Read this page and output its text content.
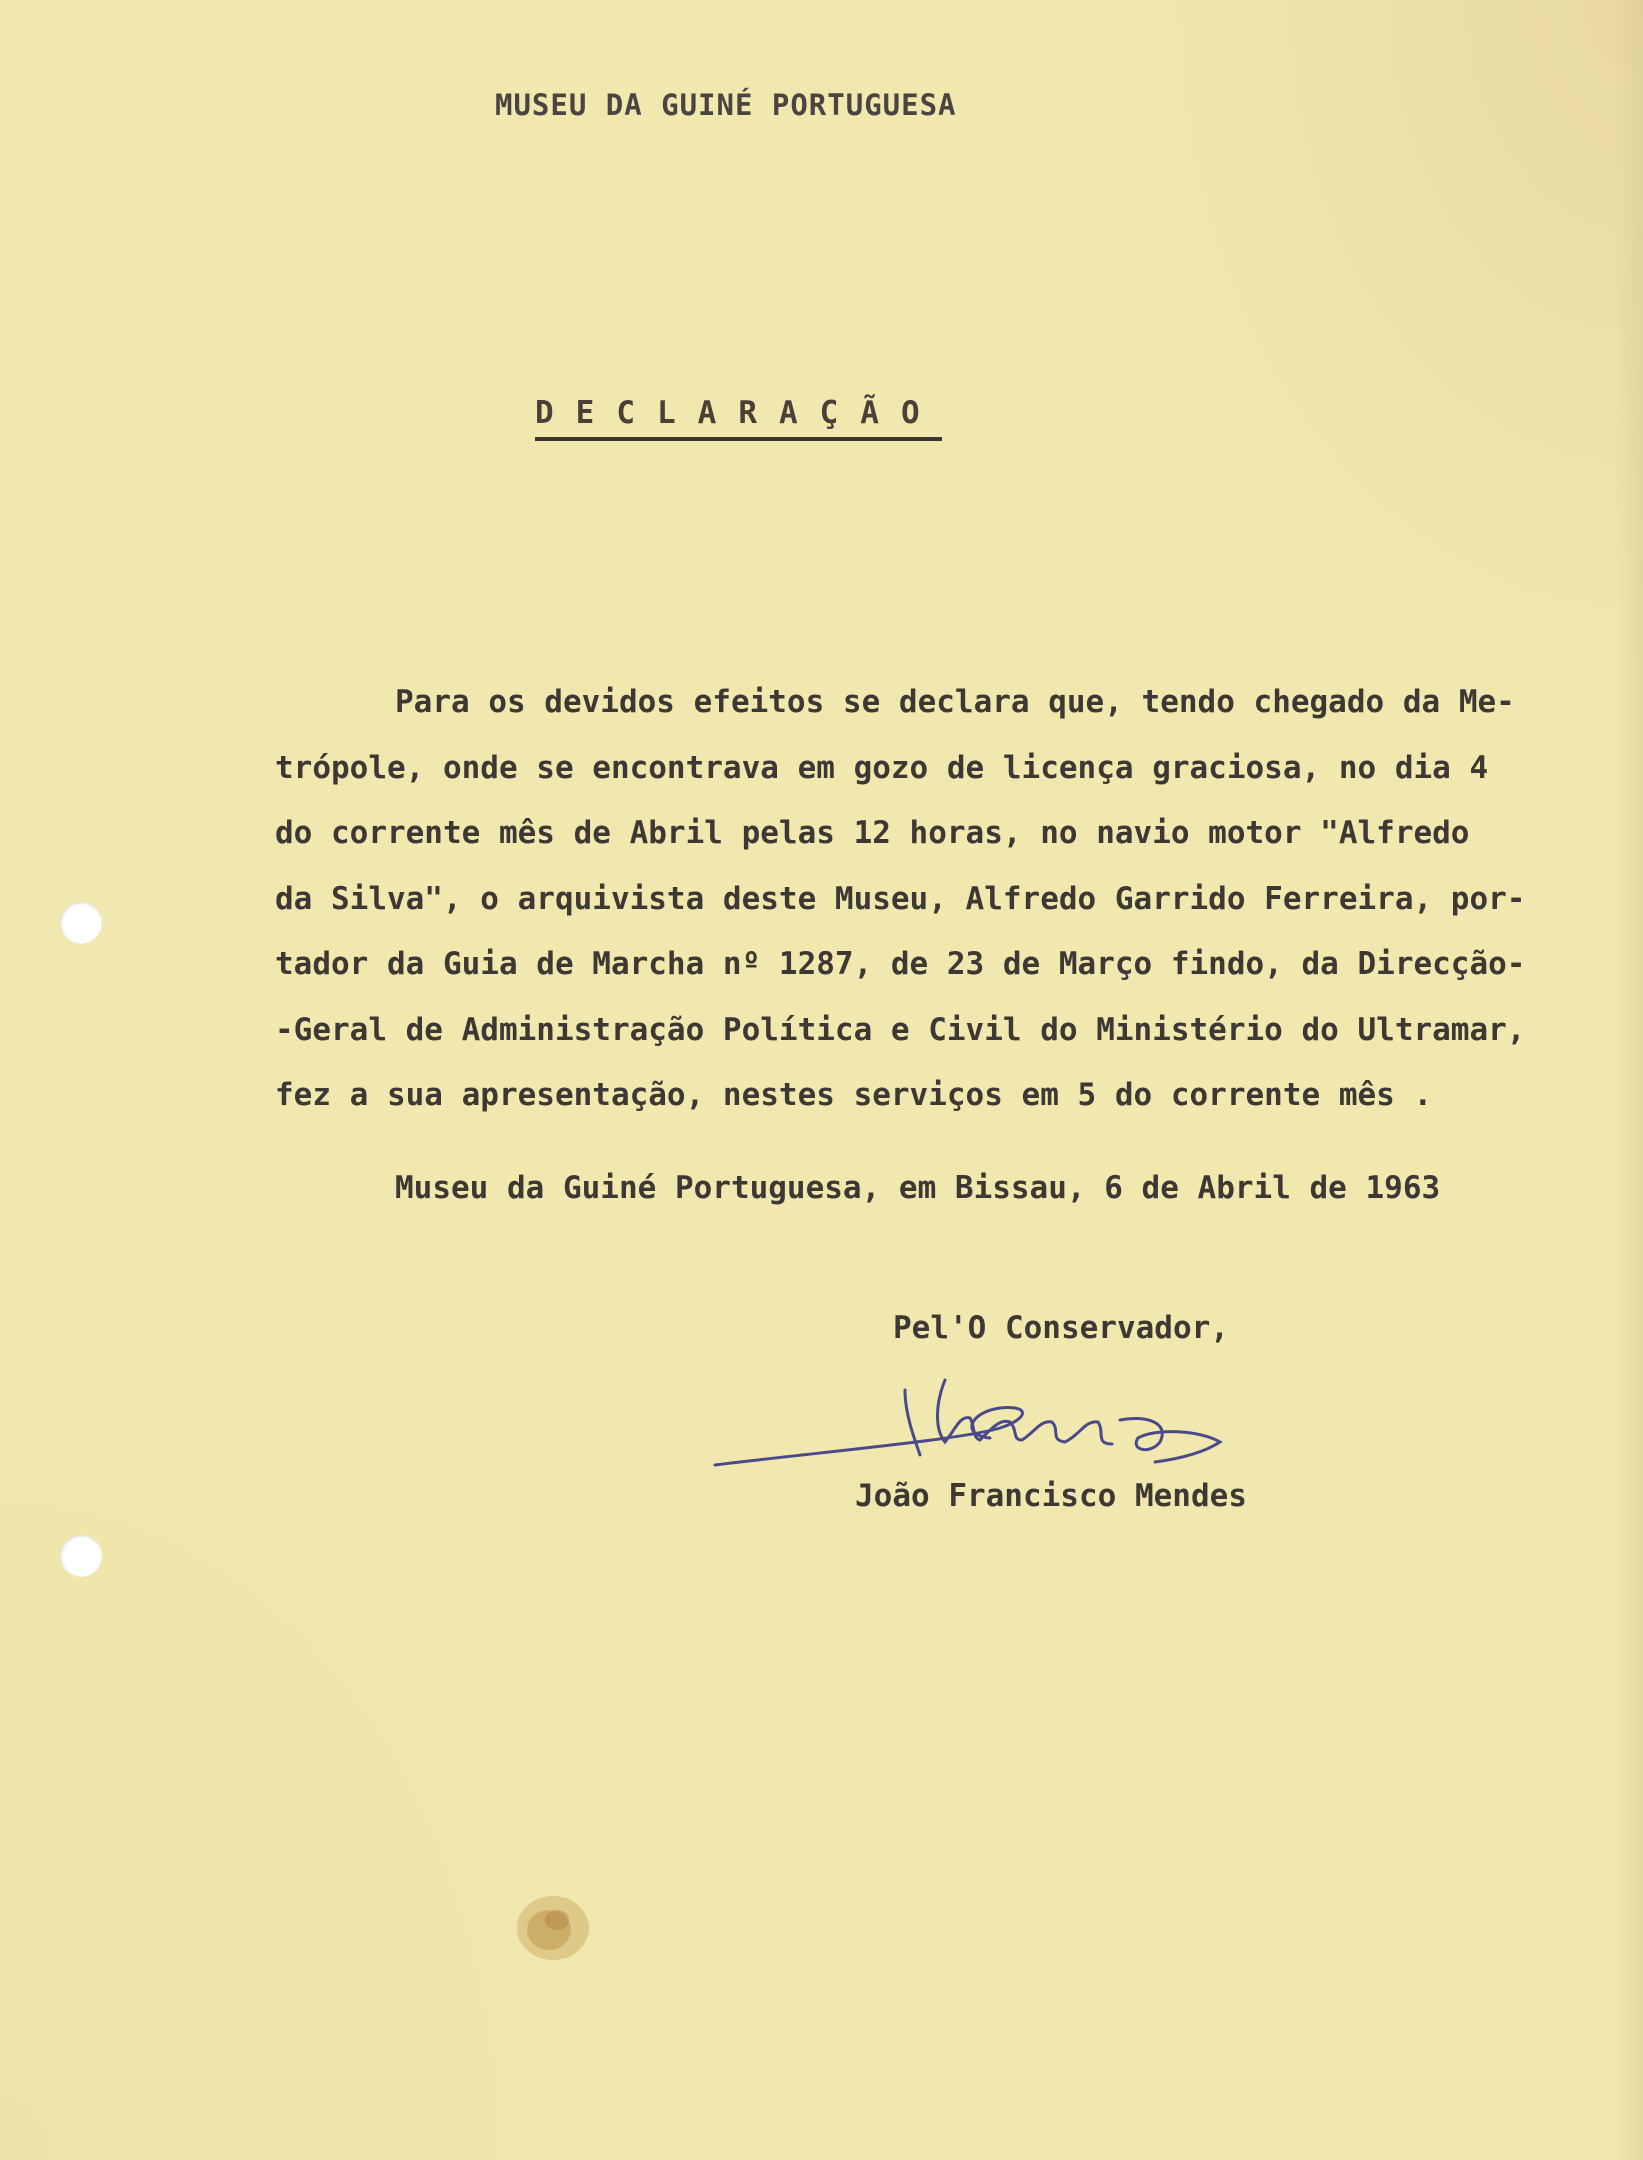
MUSEU DA GUINÉ PORTUGUESA
DECLARAÇÃO
Para os devidos efeitos se declara que, tendo chegado da Me-
trópole, onde se encontrava em gozo de licença graciosa, no dia 4
do corrente mês de Abril pelas 12 horas, no navio motor "Alfredo
da Silva", o arquivista deste Museu, Alfredo Garrido Ferreira, por-
tador da Guia de Marcha nº 1287, de 23 de Março findo, da Direcção-
-Geral de Administração Política e Civil do Ministério do Ultramar,
fez a sua apresentação, nestes serviços em 5 do corrente mês .
Museu da Guiné Portuguesa, em Bissau, 6 de Abril de 1963
Pel'O Conservador,
João Francisco Mendes
